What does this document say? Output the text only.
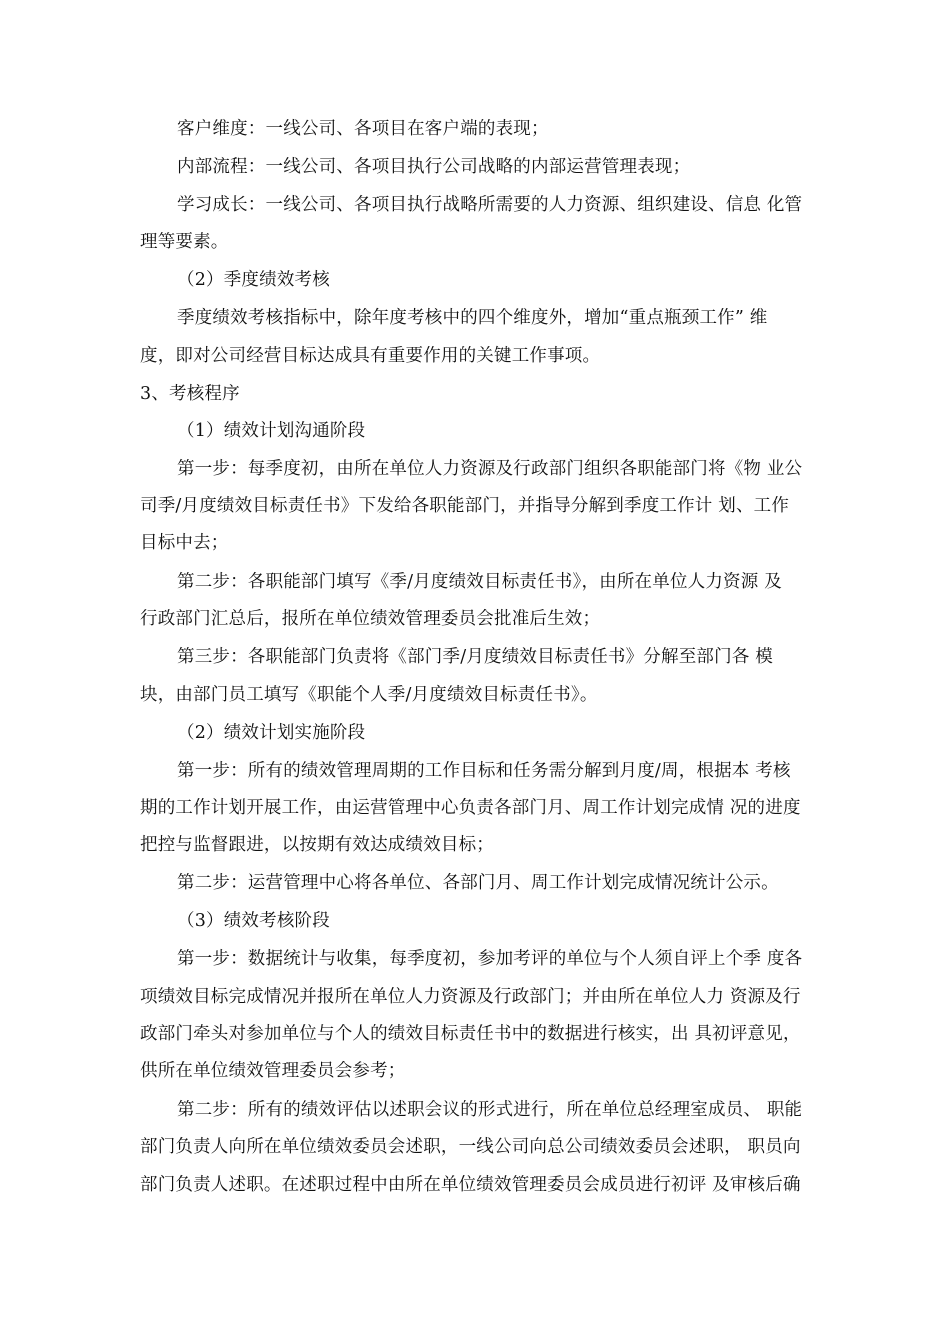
客户维度：一线公司、各项目在客户端的表现；
内部流程：一线公司、各项目执行公司战略的内部运营管理表现；
学习成长：一线公司、各项目执行战略所需要的人力资源、组织建设、信息 化管
理等要素。
（2）季度绩效考核
季度绩效考核指标中，除年度考核中的四个维度外，增加“重点瓶颈工作” 维
度，即对公司经营目标达成具有重要作用的关键工作事项。
3、考核程序
（1）绩效计划沟通阶段
第一步：每季度初，由所在单位人力资源及行政部门组织各职能部门将《物 业公
司季/月度绩效目标责任书》下发给各职能部门，并指导分解到季度工作计 划、工作
目标中去；
第二步：各职能部门填写《季/月度绩效目标责任书》，由所在单位人力资源 及
行政部门汇总后，报所在单位绩效管理委员会批准后生效；
第三步：各职能部门负责将《部门季/月度绩效目标责任书》分解至部门各 模
块，由部门员工填写《职能个人季/月度绩效目标责任书》。
（2）绩效计划实施阶段
第一步：所有的绩效管理周期的工作目标和任务需分解到月度/周，根据本 考核
期的工作计划开展工作，由运营管理中心负责各部门月、周工作计划完成情 况的进度
把控与监督跟进，以按期有效达成绩效目标；
第二步：运营管理中心将各单位、各部门月、周工作计划完成情况统计公示。
（3）绩效考核阶段
第一步：数据统计与收集，每季度初，参加考评的单位与个人须自评上个季 度各
项绩效目标完成情况并报所在单位人力资源及行政部门；并由所在单位人力 资源及行
政部门牵头对参加单位与个人的绩效目标责任书中的数据进行核实，出 具初评意见，
供所在单位绩效管理委员会参考；
第二步：所有的绩效评估以述职会议的形式进行，所在单位总经理室成员、 职能
部门负责人向所在单位绩效委员会述职，一线公司向总公司绩效委员会述职， 职员向
部门负责人述职。在述职过程中由所在单位绩效管理委员会成员进行初评 及审核后确
